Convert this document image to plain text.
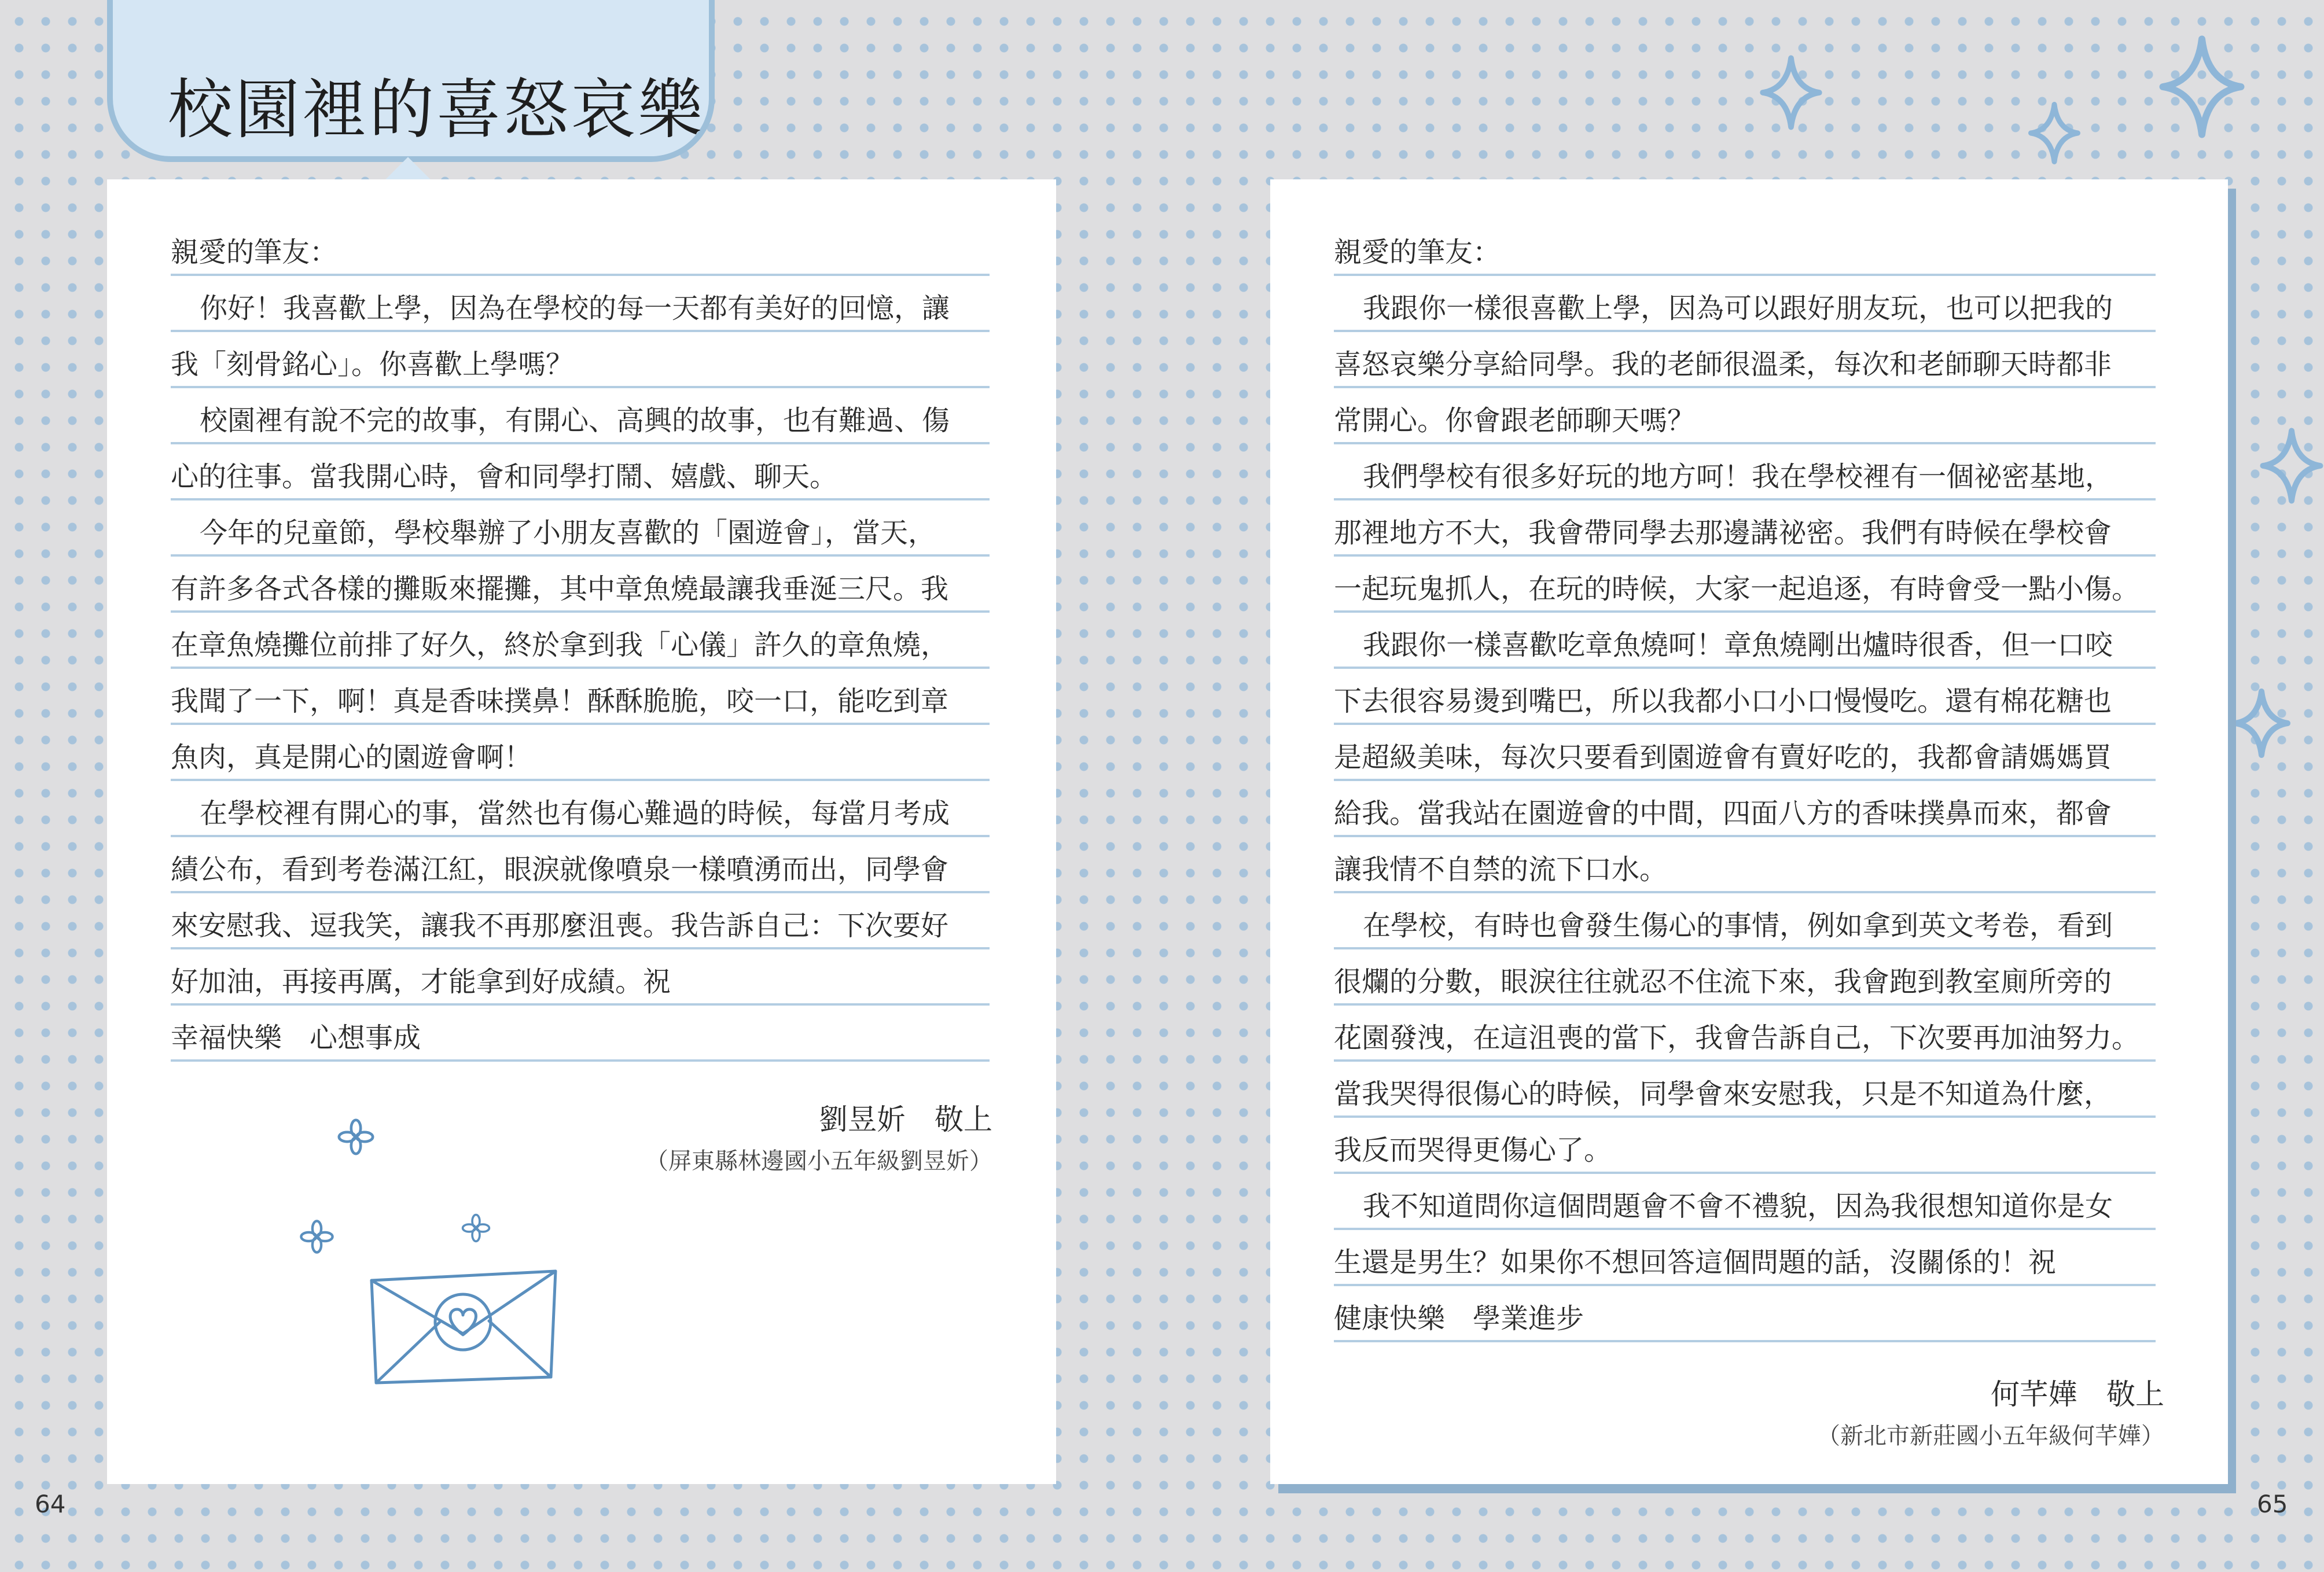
校園裡的喜怒哀樂
親愛的筆友：
你好！我喜歡上學，因為在學校的每一天都有美好的回憶，讓
我「刻骨銘心」。你喜歡上學嗎？
校園裡有說不完的故事，有開心、高興的故事，也有難過、傷
心的往事。當我開心時，會和同學打鬧、嬉戲、聊天。
今年的兒童節，學校舉辦了小朋友喜歡的「園遊會」，當天，
有許多各式各樣的攤販來擺攤，其中章魚燒最讓我垂涎三尺。我
在章魚燒攤位前排了好久，終於拿到我「心儀」許久的章魚燒，
我聞了一下，啊！真是香味撲鼻！酥酥脆脆，咬一口，能吃到章
魚肉，真是開心的園遊會啊！
在學校裡有開心的事，當然也有傷心難過的時候，每當月考成
績公布，看到考卷滿江紅，眼淚就像噴泉一樣噴湧而出，同學會
來安慰我、逗我笑，讓我不再那麼沮喪。我告訴自己：下次要好
好加油，再接再厲，才能拿到好成績。祝
幸福快樂　心想事成
劉昱妡　敬上
（屏東縣林邊國小五年級劉昱妡）
親愛的筆友：
我跟你一樣很喜歡上學，因為可以跟好朋友玩，也可以把我的
喜怒哀樂分享給同學。我的老師很溫柔，每次和老師聊天時都非
常開心。你會跟老師聊天嗎？
我們學校有很多好玩的地方呵！我在學校裡有一個祕密基地，
那裡地方不大，我會帶同學去那邊講祕密。我們有時候在學校會
一起玩鬼抓人，在玩的時候，大家一起追逐，有時會受一點小傷。
我跟你一樣喜歡吃章魚燒呵！章魚燒剛出爐時很香，但一口咬
下去很容易燙到嘴巴，所以我都小口小口慢慢吃。還有棉花糖也
是超級美味，每次只要看到園遊會有賣好吃的，我都會請媽媽買
給我。當我站在園遊會的中間，四面八方的香味撲鼻而來，都會
讓我情不自禁的流下口水。
在學校，有時也會發生傷心的事情，例如拿到英文考卷，看到
很爛的分數，眼淚往往就忍不住流下來，我會跑到教室廁所旁的
花園發洩，在這沮喪的當下，我會告訴自己，下次要再加油努力。
當我哭得很傷心的時候，同學會來安慰我，只是不知道為什麼，
我反而哭得更傷心了。
我不知道問你這個問題會不會不禮貌，因為我很想知道你是女
生還是男生？如果你不想回答這個問題的話，沒關係的！祝
健康快樂　學業進步
何芊嬅　敬上
（新北市新莊國小五年級何芊嬅）
64	65
